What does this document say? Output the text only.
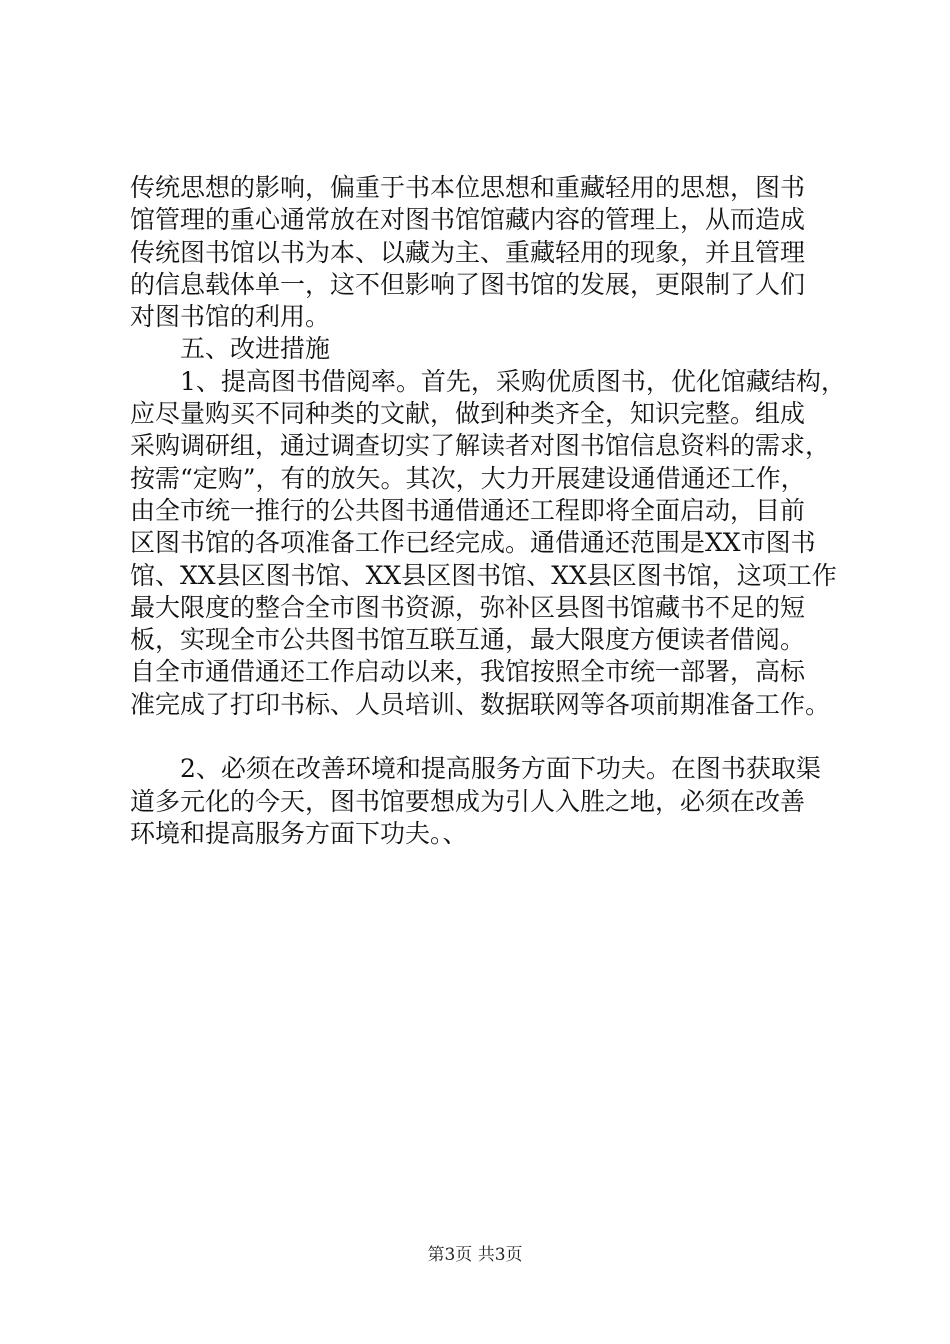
传统思想的影响，偏重于书本位思想和重藏轻用的思想，图书
馆管理的重心通常放在对图书馆馆藏内容的管理上，从而造成
传统图书馆以书为本、以藏为主、重藏轻用的现象，并且管理
的信息载体单一，这不但影响了图书馆的发展，更限制了人们
对图书馆的利用。
五、改进措施
1、提高图书借阅率。首先，采购优质图书，优化馆藏结构，
应尽量购买不同种类的文献，做到种类齐全，知识完整。组成
采购调研组，通过调查切实了解读者对图书馆信息资料的需求，
按需“定购”，有的放矢。其次，大力开展建设通借通还工作，
由全市统一推行的公共图书通借通还工程即将全面启动，目前
区图书馆的各项准备工作已经完成。通借通还范围是XX市图书
馆、XX县区图书馆、XX县区图书馆、XX县区图书馆，这项工作
最大限度的整合全市图书资源，弥补区县图书馆藏书不足的短
板，实现全市公共图书馆互联互通，最大限度方便读者借阅。
自全市通借通还工作启动以来，我馆按照全市统一部署，高标
准完成了打印书标、人员培训、数据联网等各项前期准备工作。
2、必须在改善环境和提高服务方面下功夫。在图书获取渠
道多元化的今天，图书馆要想成为引人入胜之地，必须在改善
环境和提高服务方面下功夫。、
第3页 共3页
